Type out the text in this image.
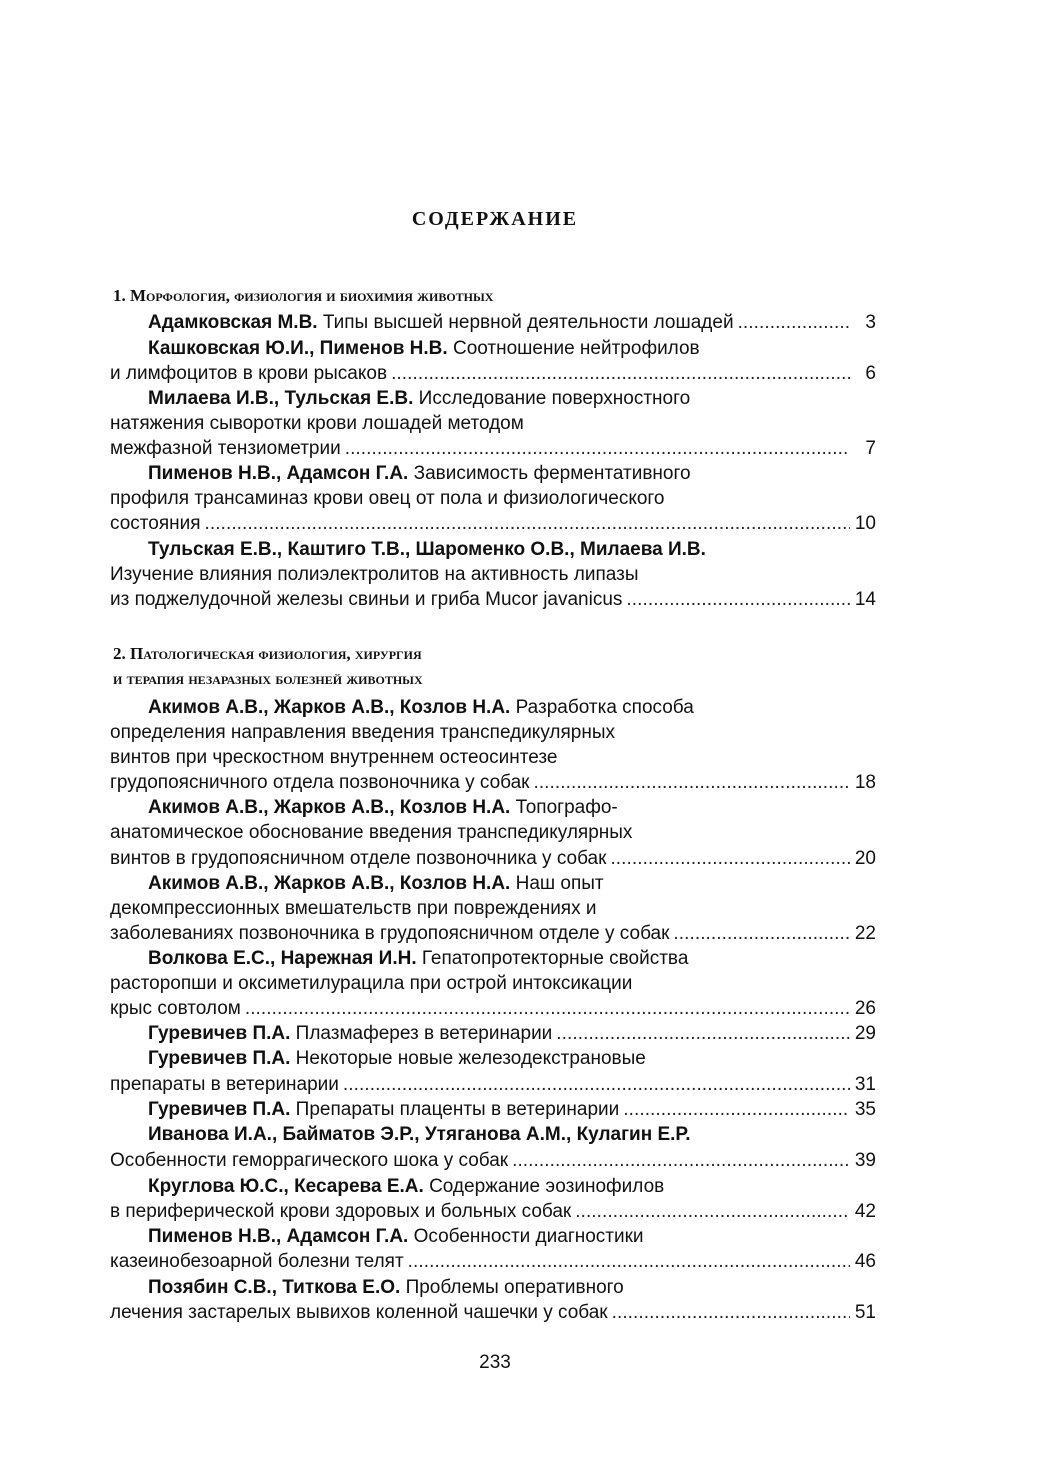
СОДЕРЖАНИЕ
1. Морфология, физиология и биохимия животных
Адамковская М.В. Типы высшей нервной деятельности лошадей . . .	3
Кашковская Ю.И., Пименов Н.В. Соотношение нейтрофилов
и лимфоцитов в крови рысаков . . .	6
Милаева И.В., Тульская Е.В. Исследование поверхностного
натяжения сыворотки крови лошадей методом
межфазной тензиометрии . . .	7
Пименов Н.В., Адамсон Г.А. Зависимость ферментативного
профиля трансаминаз крови овец от пола и физиологического
состояния . . .	10
Тульская Е.В., Каштиго Т.В., Шароменко О.В., Милаева И.В.
Изучение влияния полиэлектролитов на активность липазы
из поджелудочной железы свиньи и гриба Mucor javanicus . . .	14
2. Патологическая физиология, хирургия
и терапия незаразных болезней животных
Акимов А.В., Жарков А.В., Козлов Н.А. Разработка способа
определения направления введения транспедикулярных
винтов при чрескостном внутреннем остеосинтезе
грудопоясничного отдела позвоночника у собак . . .	18
Акимов А.В., Жарков А.В., Козлов Н.А. Топографо-
анатомическое обоснование введения транспедикулярных
винтов в грудопоясничном отделе позвоночника у собак . . .	20
Акимов А.В., Жарков А.В., Козлов Н.А. Наш опыт
декомпрессионных вмешательств при повреждениях и
заболеваниях позвоночника в грудопоясничном отделе у собак . . .	22
Волкова Е.С., Нарежная И.Н. Гепатопротекторные свойства
расторопши и оксиметилурацила при острой интоксикации
крыс совтолом . . .	26
Гуревичев П.А. Плазмаферез в ветеринарии . . .	29
Гуревичев П.А. Некоторые новые железодекстрановые
препараты в ветеринарии . . .	31
Гуревичев П.А. Препараты плаценты в ветеринарии . . .	35
Иванова И.А., Байматов Э.Р., Утяганова А.М., Кулагин Е.Р.
Особенности геморрагического шока у собак . . .	39
Круглова Ю.С., Кесарева Е.А. Содержание эозинофилов
в периферической крови здоровых и больных собак . . .	42
Пименов Н.В., Адамсон Г.А. Особенности диагностики
казеинобезоарной болезни телят . . .	46
Позябин С.В., Титкова Е.О. Проблемы оперативного
лечения застарелых вывихов коленной чашечки у собак . . .	51
233
